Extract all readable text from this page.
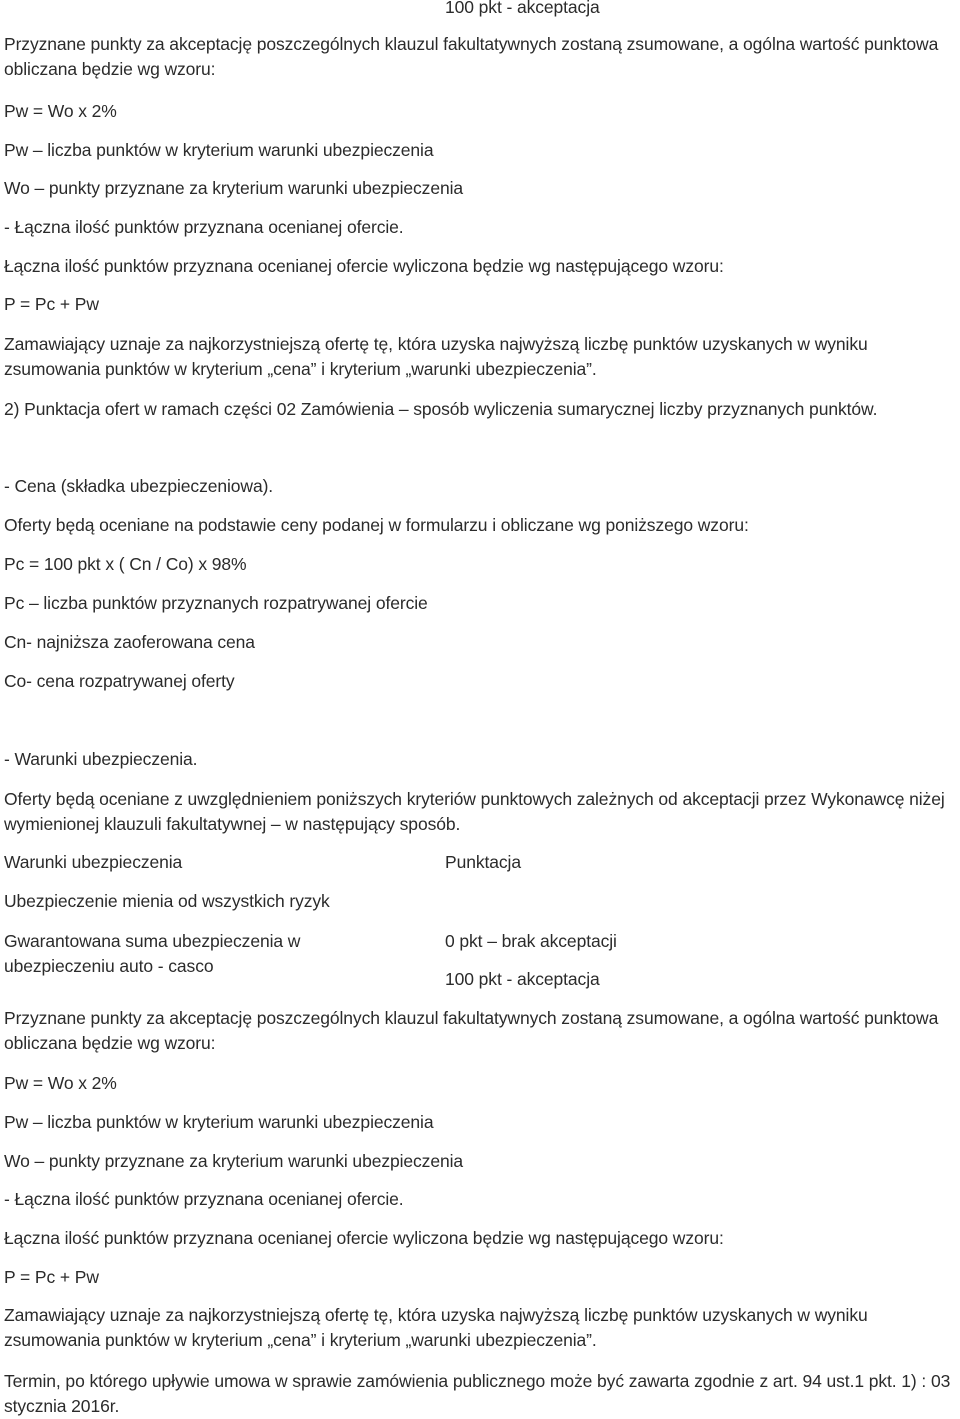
100 pkt - akceptacja

Przyznane punkty za akceptację poszczególnych klauzul fakultatywnych zostaną zsumowane, a ogólna wartość punktowa obliczana będzie wg wzoru:

Pw = Wo x 2%

Pw – liczba punktów w kryterium warunki ubezpieczenia

Wo – punkty przyznane za kryterium warunki ubezpieczenia

- Łączna ilość punktów przyznana ocenianej ofercie.

Łączna ilość punktów przyznana ocenianej ofercie wyliczona będzie wg następującego wzoru:

P = Pc + Pw

Zamawiający uznaje za najkorzystniejszą ofertę tę, która uzyska najwyższą liczbę punktów uzyskanych w wyniku zsumowania punktów w kryterium „cena” i kryterium „warunki ubezpieczenia”.

2) Punktacja ofert w ramach części 02 Zamówienia – sposób wyliczenia sumarycznej liczby przyznanych punktów.

- Cena (składka ubezpieczeniowa).

Oferty będą oceniane na podstawie ceny podanej w formularzu i obliczane wg poniższego wzoru:

Pc = 100 pkt x ( Cn / Co) x 98%

Pc – liczba punktów przyznanych rozpatrywanej ofercie

Cn- najniższa zaoferowana cena

Co- cena rozpatrywanej oferty

- Warunki ubezpieczenia.

Oferty będą oceniane z uwzględnieniem poniższych kryteriów punktowych zależnych od akceptacji przez Wykonawcę niżej wymienionej klauzuli fakultatywnej – w następujący sposób.

Warunki ubezpieczenia	Punktacja

Ubezpieczenie mienia od wszystkich ryzyk

Gwarantowana suma ubezpieczenia w ubezpieczeniu auto - casco

0 pkt – brak akceptacji

100 pkt - akceptacja

Przyznane punkty za akceptację poszczególnych klauzul fakultatywnych zostaną zsumowane, a ogólna wartość punktowa obliczana będzie wg wzoru:

Pw = Wo x 2%

Pw – liczba punktów w kryterium warunki ubezpieczenia

Wo – punkty przyznane za kryterium warunki ubezpieczenia

- Łączna ilość punktów przyznana ocenianej ofercie.

Łączna ilość punktów przyznana ocenianej ofercie wyliczona będzie wg następującego wzoru:

P = Pc + Pw

Zamawiający uznaje za najkorzystniejszą ofertę tę, która uzyska najwyższą liczbę punktów uzyskanych w wyniku zsumowania punktów w kryterium „cena” i kryterium „warunki ubezpieczenia”.

Termin, po którego upływie umowa w sprawie zamówienia publicznego może być zawarta zgodnie z art. 94 ust.1 pkt. 1) : 03 stycznia 2016r.
